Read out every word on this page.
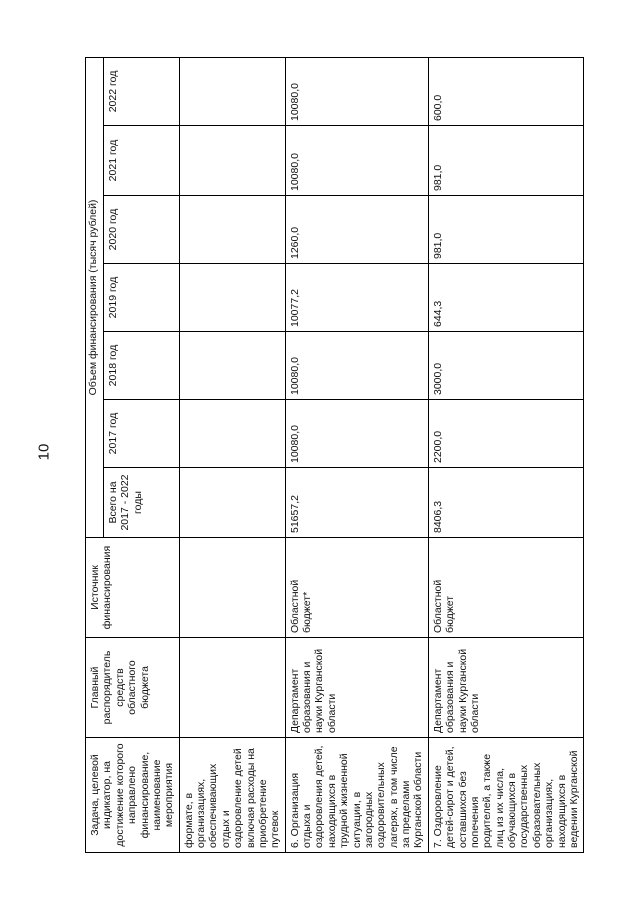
10
Задача, целевой индикатор, на достижение которого направлено финансирование, наименование мероприятия	Главный распорядитель средств областного бюджета	Источник финансирования	Объем финансирования (тысяч рублей)						
			Всего на 2017 - 2022 годы	2017 год	2018 год	2019 год	2020 год	2021 год	2022 год
формате, в организациях, обеспечивающих отдых и оздоровление детей включая расходы на приобретение путевок									
6. Организация отдыха и оздоровления детей, находящихся в трудной жизненной ситуации, в загородных оздоровительных лагерях, в том числе за пределами Курганской области	Департамент образования и науки Курганской области	Областной бюджет*	51657,2	10080,0	10080,0	10077,2	1260,0	10080,0	10080,0
7. Оздоровление детей-сирот и детей, оставшихся без попечения родителей, а также лиц из их числа, обучающихся в государственных образовательных организациях, находящихся в ведении Курганской	Департамент образования и науки Курганской области	Областной бюджет	8406,3	2200,0	3000,0	644,3	981,0	981,0	600,0
